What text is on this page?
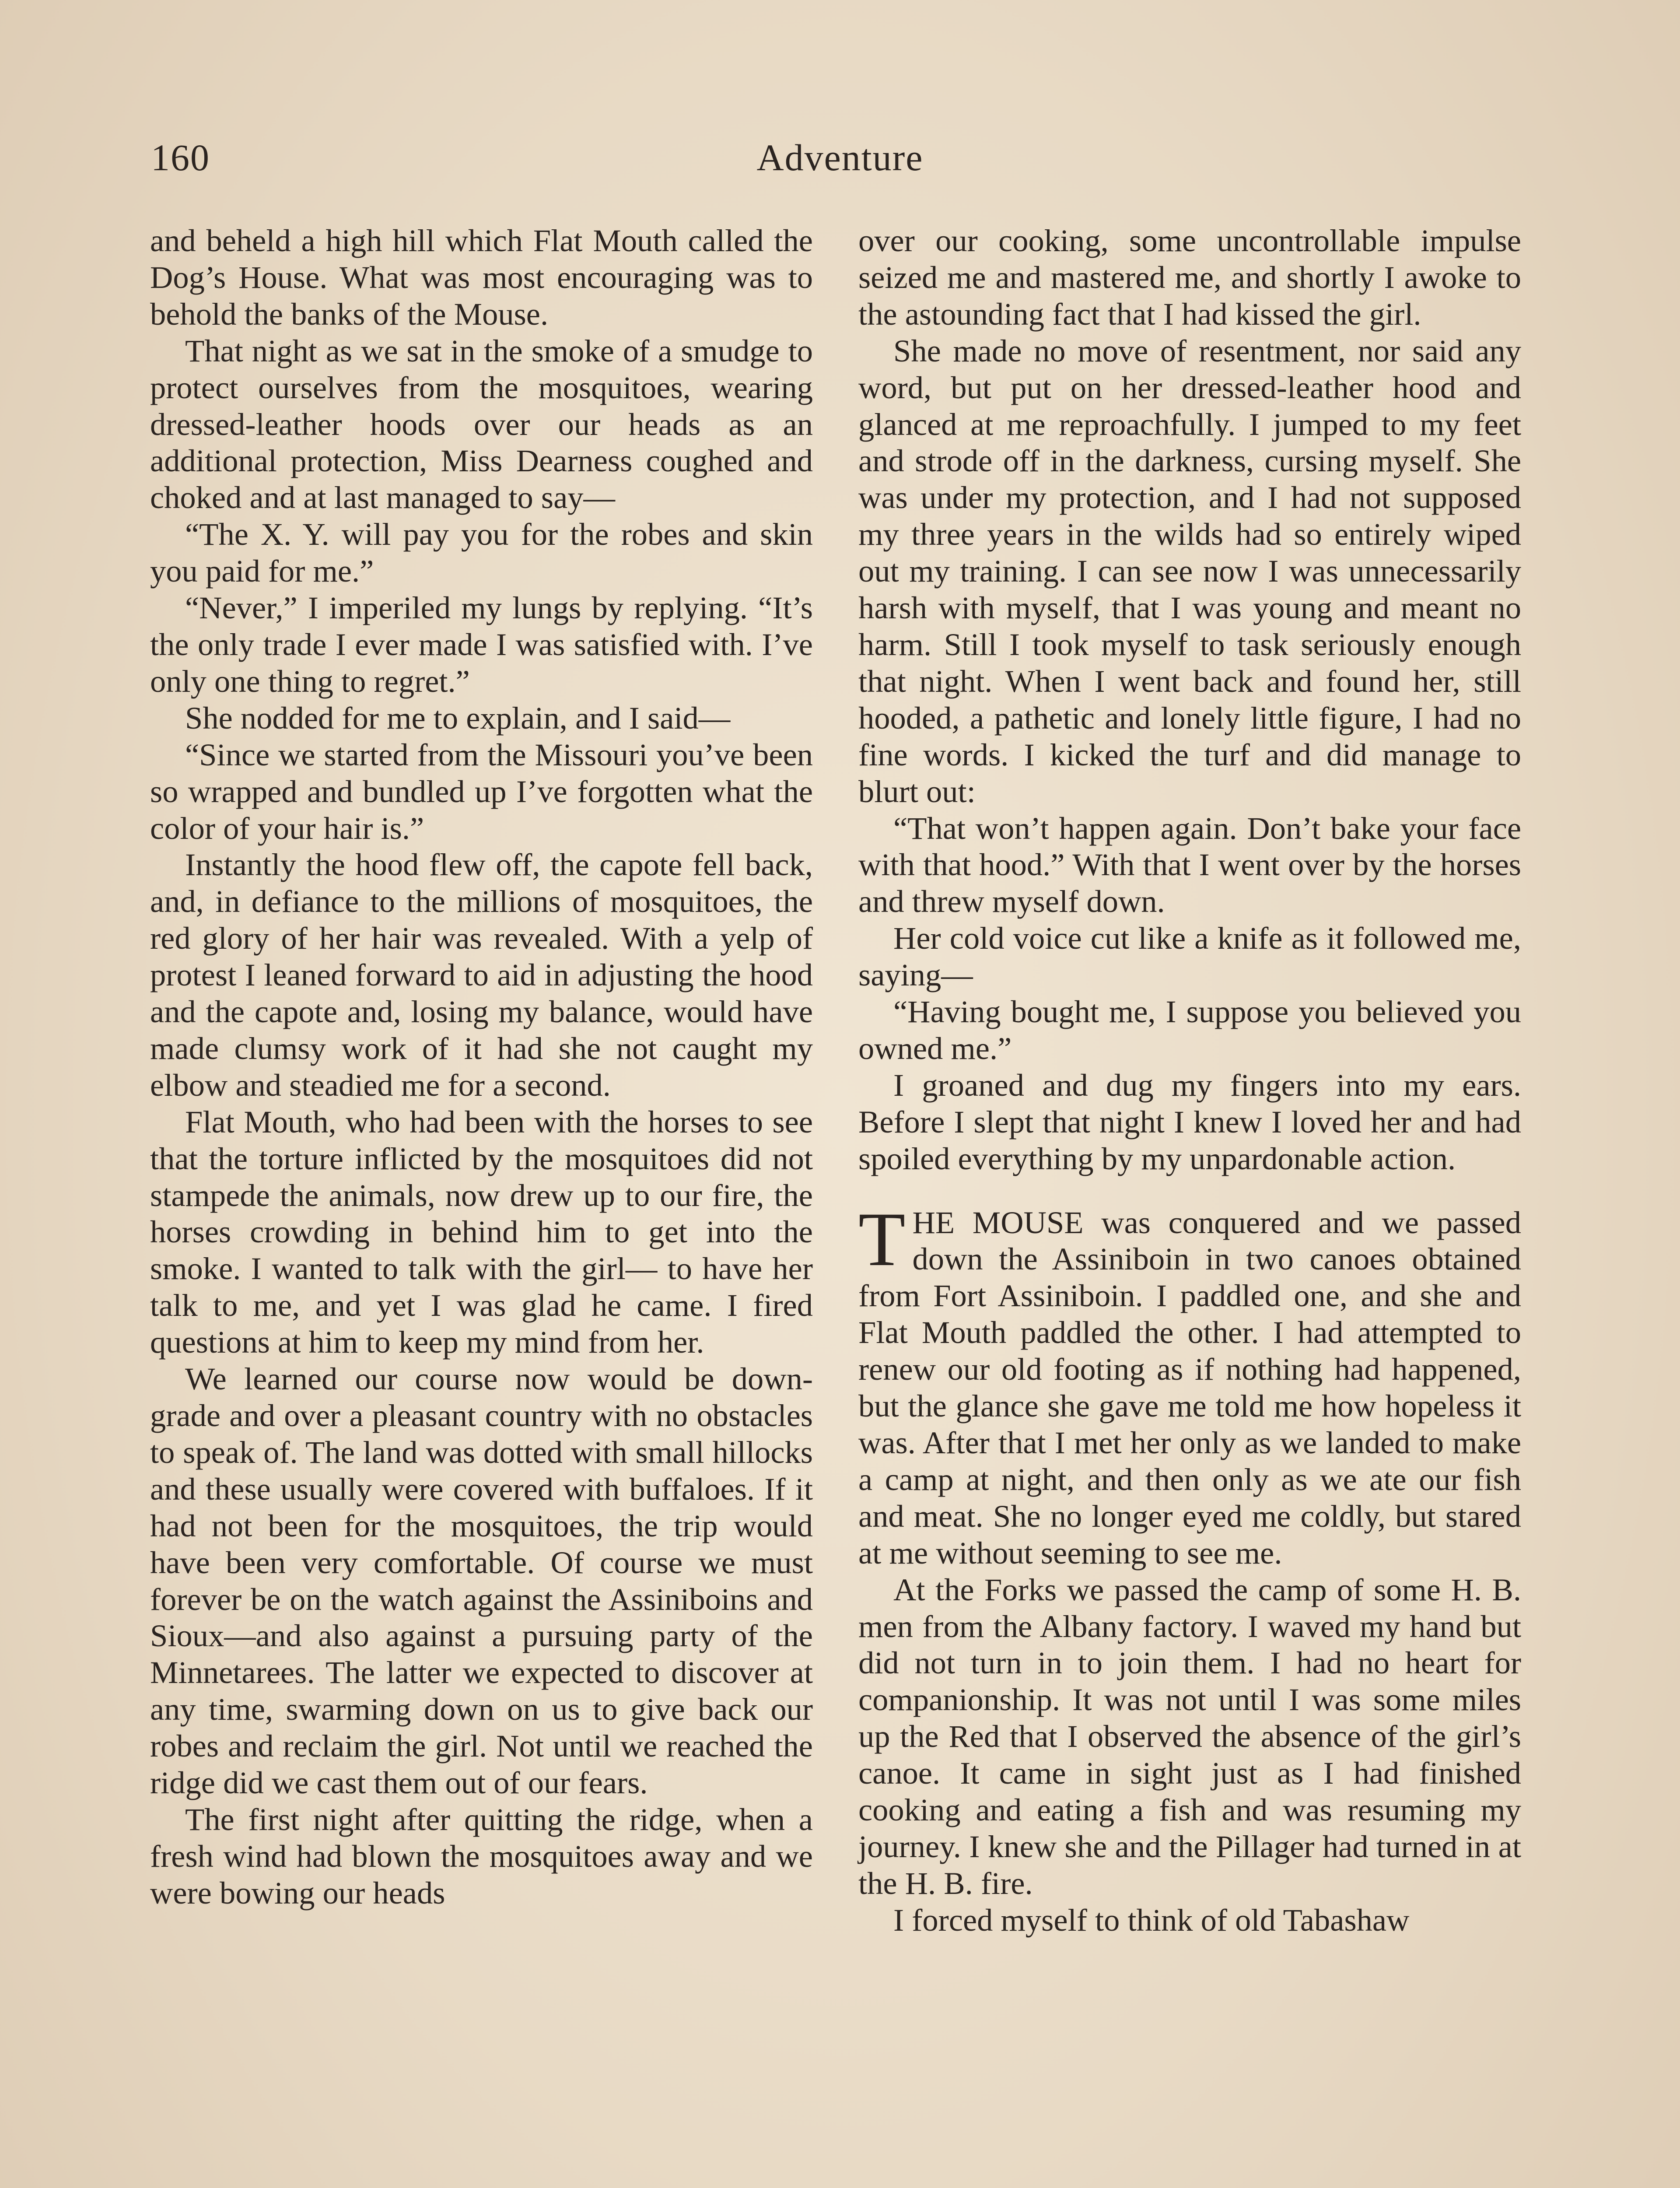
160	Adventure

and beheld a high hill which Flat Mouth called the Dog’s House. What was most encouraging was to behold the banks of the Mouse.

That night as we sat in the smoke of a smudge to protect ourselves from the mosquitoes, wearing dressed-leather hoods over our heads as an additional protection, Miss Dearness coughed and choked and at last managed to say—

“The X. Y. will pay you for the robes and skin you paid for me.”

“Never,” I imperiled my lungs by replying. “It’s the only trade I ever made I was satisfied with. I’ve only one thing to regret.”

She nodded for me to explain, and I said—

“Since we started from the Missouri you’ve been so wrapped and bundled up I’ve forgotten what the color of your hair is.”

Instantly the hood flew off, the capote fell back, and, in defiance to the millions of mosquitoes, the red glory of her hair was revealed. With a yelp of protest I leaned forward to aid in adjusting the hood and the capote and, losing my balance, would have made clumsy work of it had she not caught my elbow and steadied me for a second.

Flat Mouth, who had been with the horses to see that the torture inflicted by the mosquitoes did not stampede the animals, now drew up to our fire, the horses crowding in behind him to get into the smoke. I wanted to talk with the girl— to have her talk to me, and yet I was glad he came. I fired questions at him to keep my mind from her.

We learned our course now would be down-grade and over a pleasant country with no obstacles to speak of. The land was dotted with small hillocks and these usually were covered with buffaloes. If it had not been for the mosquitoes, the trip would have been very comfortable. Of course we must forever be on the watch against the Assiniboins and Sioux—and also against a pursuing party of the Minnetarees. The latter we expected to discover at any time, swarming down on us to give back our robes and reclaim the girl. Not until we reached the ridge did we cast them out of our fears.

The first night after quitting the ridge, when a fresh wind had blown the mosquitoes away and we were bowing our heads

over our cooking, some uncontrollable impulse seized me and mastered me, and shortly I awoke to the astounding fact that I had kissed the girl.

She made no move of resentment, nor said any word, but put on her dressed-leather hood and glanced at me reproachfully. I jumped to my feet and strode off in the darkness, cursing myself. She was under my protection, and I had not supposed my three years in the wilds had so entirely wiped out my training. I can see now I was unnecessarily harsh with myself, that I was young and meant no harm. Still I took myself to task seriously enough that night. When I went back and found her, still hooded, a pathetic and lonely little figure, I had no fine words. I kicked the turf and did manage to blurt out:

“That won’t happen again. Don’t bake your face with that hood.” With that I went over by the horses and threw myself down.

Her cold voice cut like a knife as it followed me, saying—

“Having bought me, I suppose you believed you owned me.”

I groaned and dug my fingers into my ears. Before I slept that night I knew I loved her and had spoiled everything by my unpardonable action.

THE MOUSE was conquered and we passed down the Assiniboin in two canoes obtained from Fort Assiniboin. I paddled one, and she and Flat Mouth paddled the other. I had attempted to renew our old footing as if nothing had happened, but the glance she gave me told me how hopeless it was. After that I met her only as we landed to make a camp at night, and then only as we ate our fish and meat. She no longer eyed me coldly, but stared at me without seeming to see me.

At the Forks we passed the camp of some H. B. men from the Albany factory. I waved my hand but did not turn in to join them. I had no heart for companionship. It was not until I was some miles up the Red that I observed the absence of the girl’s canoe. It came in sight just as I had finished cooking and eating a fish and was resuming my journey. I knew she and the Pillager had turned in at the H. B. fire.

I forced myself to think of old Tabashaw
